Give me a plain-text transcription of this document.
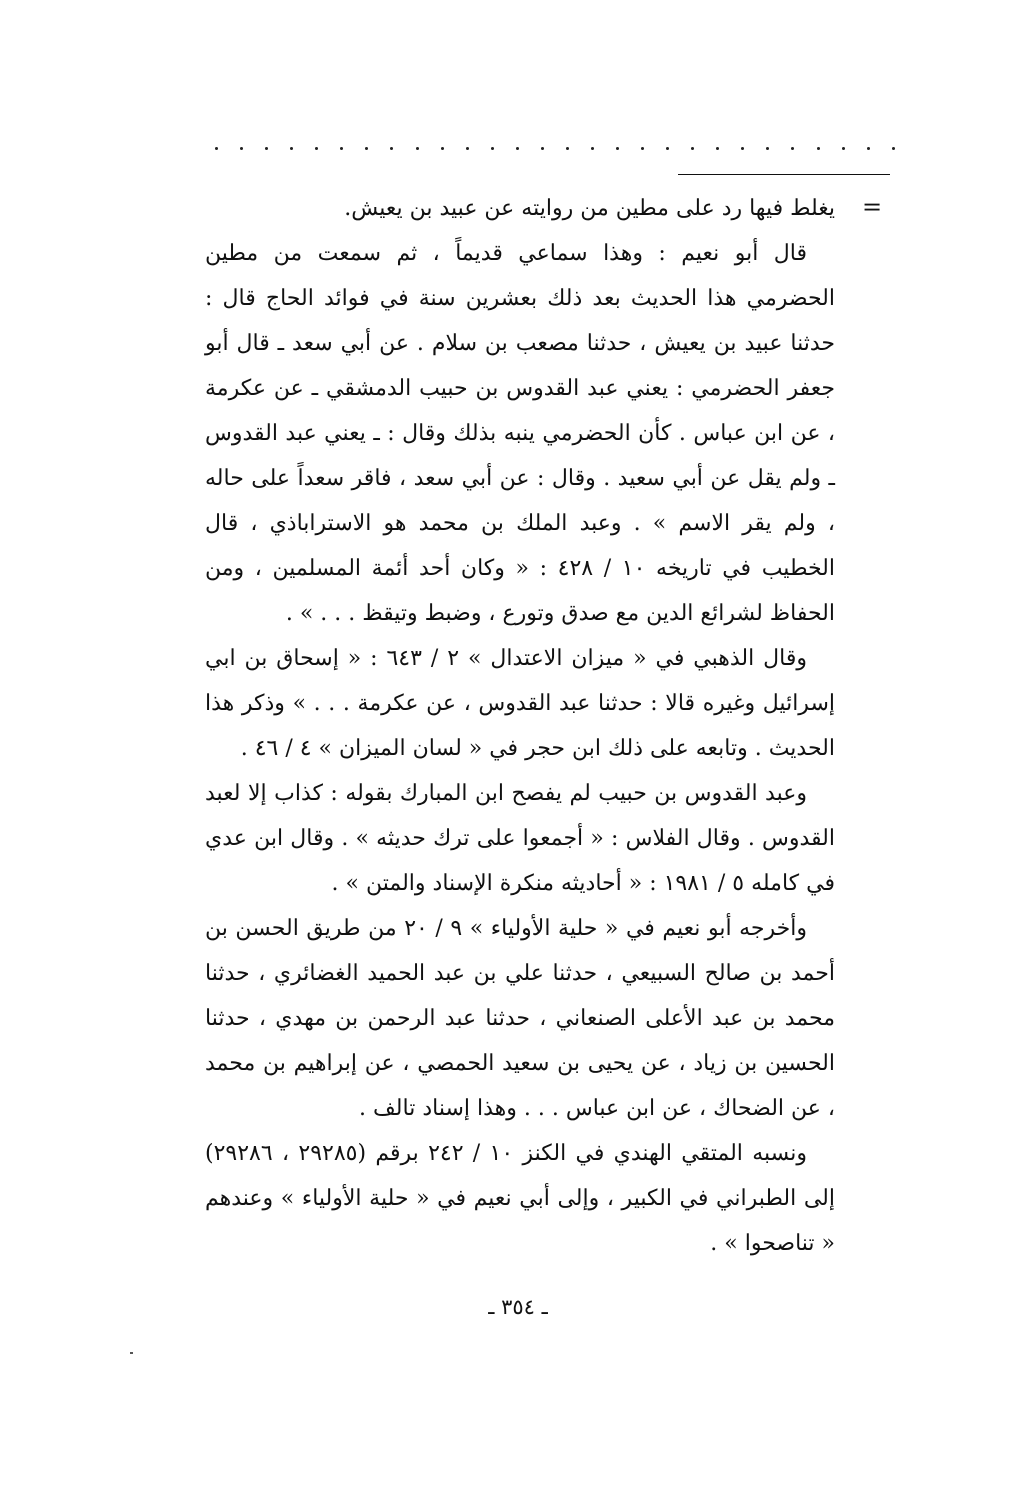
=

يغلط فيها رد على مطين من روايته عن عبيد بن يعيش.

قال أبو نعيم : وهذا سماعي قديماً ، ثم سمعت من مطين الحضرمي هذا الحديث بعد ذلك بعشرين سنة في فوائد الحاج قال : حدثنا عبيد بن يعيش ، حدثنا مصعب بن سلام . عن أبي سعد ـ قال أبو جعفر الحضرمي : يعني عبد القدوس بن حبيب الدمشقي ـ عن عكرمة ، عن ابن عباس . كأن الحضرمي ينبه بذلك وقال : ـ يعني عبد القدوس ـ ولم يقل عن أبي سعيد . وقال : عن أبي سعد ، فاقر سعداً على حاله ، ولم يقر الاسم » . وعبد الملك بن محمد هو الاستراباذي ، قال الخطيب في تاريخه ١٠ / ٤٢٨ : « وكان أحد أئمة المسلمين ، ومن الحفاظ لشرائع الدين مع صدق وتورع ، وضبط وتيقظ . . . » .

وقال الذهبي في « ميزان الاعتدال » ٢ / ٦٤٣ : « إسحاق بن ابي إسرائيل وغيره قالا : حدثنا عبد القدوس ، عن عكرمة . . . » وذكر هذا الحديث . وتابعه على ذلك ابن حجر في « لسان الميزان » ٤ / ٤٦ .

وعبد القدوس بن حبيب لم يفصح ابن المبارك بقوله : كذاب إلا لعبد القدوس . وقال الفلاس : « أجمعوا على ترك حديثه » . وقال ابن عدي في كامله ٥ / ١٩٨١ : « أحاديثه منكرة الإسناد والمتن » .

وأخرجه أبو نعيم في « حلية الأولياء » ٩ / ٢٠ من طريق الحسن بن أحمد بن صالح السبيعي ، حدثنا علي بن عبد الحميد الغضائري ، حدثنا محمد بن عبد الأعلى الصنعاني ، حدثنا عبد الرحمن بن مهدي ، حدثنا الحسين بن زياد ، عن يحيى بن سعيد الحمصي ، عن إبراهيم بن محمد ، عن الضحاك ، عن ابن عباس . . . وهذا إسناد تالف .

ونسبه المتقي الهندي في الكنز ١٠ / ٢٤٢ برقم (٢٩٢٨٥ ، ٢٩٢٨٦) إلى الطبراني في الكبير ، وإلى أبي نعيم في « حلية الأولياء » وعندهم « تناصحوا » .

ـ ٣٥٤ ـ
